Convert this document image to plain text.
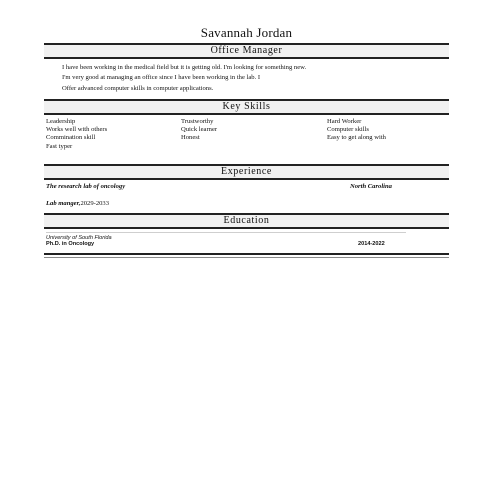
Savannah Jordan
Office Manager

I have been working in the medical field but it is getting old. I'm looking for something new.

I'm very good at managing an office since I have been working in the lab. I

Offer advanced computer skills in computer applications.

Key Skills
Leadership
Works well with others
Commination skill
Fast typer
Trustworthy
Quick learner
Honest
Hard Worker
Computer skills
Easy to get along with
Experience
The research lab of oncology	North Carolina
Lab manger,2029-2033
Education
University of South Florida
Ph.D. in Oncology	2014-2022
